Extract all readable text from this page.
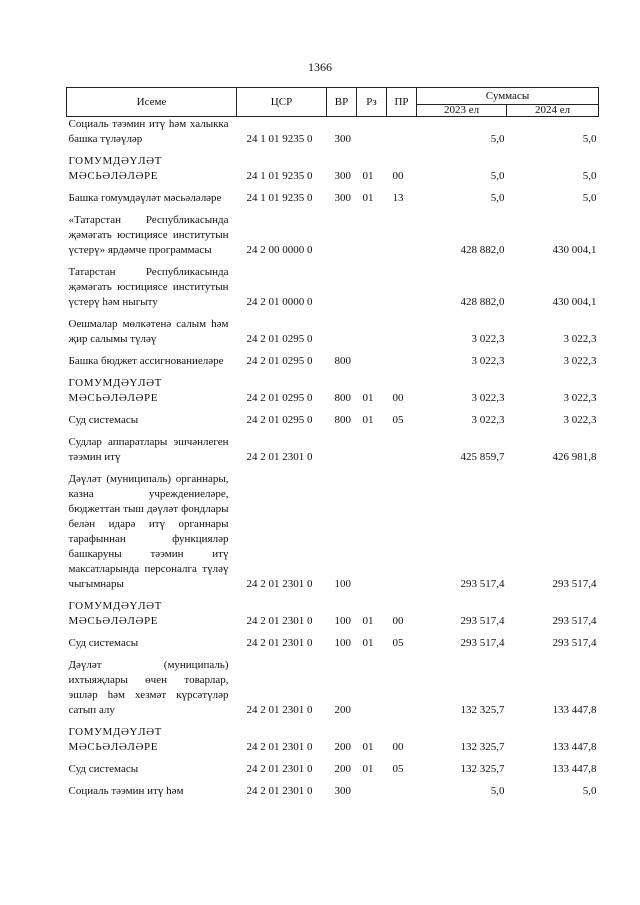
1366
Исеме	ЦСР	ВР	Рз	ПР	Суммасы	
					2023 ел	2024 ел
Социаль тәэмин итү һәм халыкка башка түләүләр	24 1 01 9235 0	300			5,0	5,0
ГОМУМДӘҮЛӘТ МӘСЬӘЛӘЛӘРЕ	24 1 01 9235 0	300	01	00	5,0	5,0
Башка гомумдәүләт мәсьәләләре	24 1 01 9235 0	300	01	13	5,0	5,0
«Татарстан Республикасында җәмәгать юстициясе институтын үстерү» ярдәмче программасы	24 2 00 0000 0				428 882,0	430 004,1
Татарстан Республикасында җәмәгать юстициясе институтын үстерү һәм ныгыту	24 2 01 0000 0				428 882,0	430 004,1
Оешмалар мөлкәтенә салым һәм җир салымы түләү	24 2 01 0295 0				3 022,3	3 022,3
Башка бюджет ассигнованиеләре	24 2 01 0295 0	800			3 022,3	3 022,3
ГОМУМДӘҮЛӘТ МӘСЬӘЛӘЛӘРЕ	24 2 01 0295 0	800	01	00	3 022,3	3 022,3
Суд системасы	24 2 01 0295 0	800	01	05	3 022,3	3 022,3
Судлар аппаратлары эшчәнлеген тәэмин итү	24 2 01 2301 0				425 859,7	426 981,8
Дәүләт (муниципаль) органнары, казна учреждениеләре, бюджеттан тыш дәүләт фондлары белән идарә итү органнары тарафыннан функцияләр башкаруны тәэмин итү максатларында персоналга түләү чыгымнары	24 2 01 2301 0	100			293 517,4	293 517,4
ГОМУМДӘҮЛӘТ МӘСЬӘЛӘЛӘРЕ	24 2 01 2301 0	100	01	00	293 517,4	293 517,4
Суд системасы	24 2 01 2301 0	100	01	05	293 517,4	293 517,4
Дәүләт (муниципаль) ихтыяҗлары өчен товарлар, эшләр һәм хезмәт күрсәтүләр сатып алу	24 2 01 2301 0	200			132 325,7	133 447,8
ГОМУМДӘҮЛӘТ МӘСЬӘЛӘЛӘРЕ	24 2 01 2301 0	200	01	00	132 325,7	133 447,8
Суд системасы	24 2 01 2301 0	200	01	05	132 325,7	133 447,8
Социаль тәэмин итү һәм	24 2 01 2301 0	300			5,0	5,0
